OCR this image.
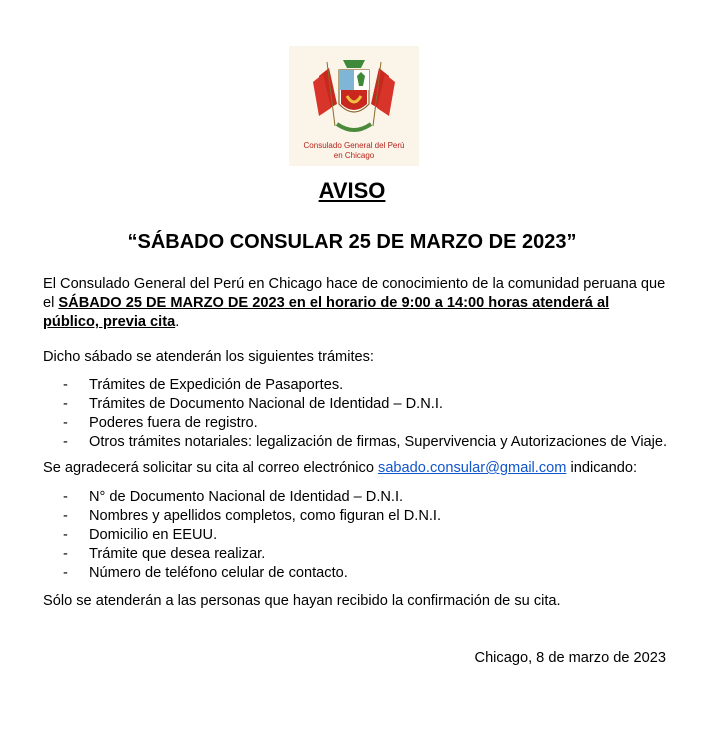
Consulado General del Perú
en Chicago
AVISO
“SÁBADO CONSULAR 25 DE MARZO DE 2023”
El Consulado General del Perú en Chicago hace de conocimiento de la comunidad peruana que el SÁBADO 25 DE MARZO DE 2023 en el horario de 9:00 a 14:00 horas atenderá al público, previa cita.
Dicho sábado se atenderán los siguientes trámites:
- Trámites de Expedición de Pasaportes.
- Trámites de Documento Nacional de Identidad – D.N.I.
- Poderes fuera de registro.
- Otros trámites notariales: legalización de firmas, Supervivencia y Autorizaciones de Viaje.
Se agradecerá solicitar su cita al correo electrónico sabado.consular@gmail.com indicando:
- N° de Documento Nacional de Identidad – D.N.I.
- Nombres y apellidos completos, como figuran el D.N.I.
- Domicilio en EEUU.
- Trámite que desea realizar.
- Número de teléfono celular de contacto.
Sólo se atenderán a las personas que hayan recibido la confirmación de su cita.
Chicago, 8 de marzo de 2023
